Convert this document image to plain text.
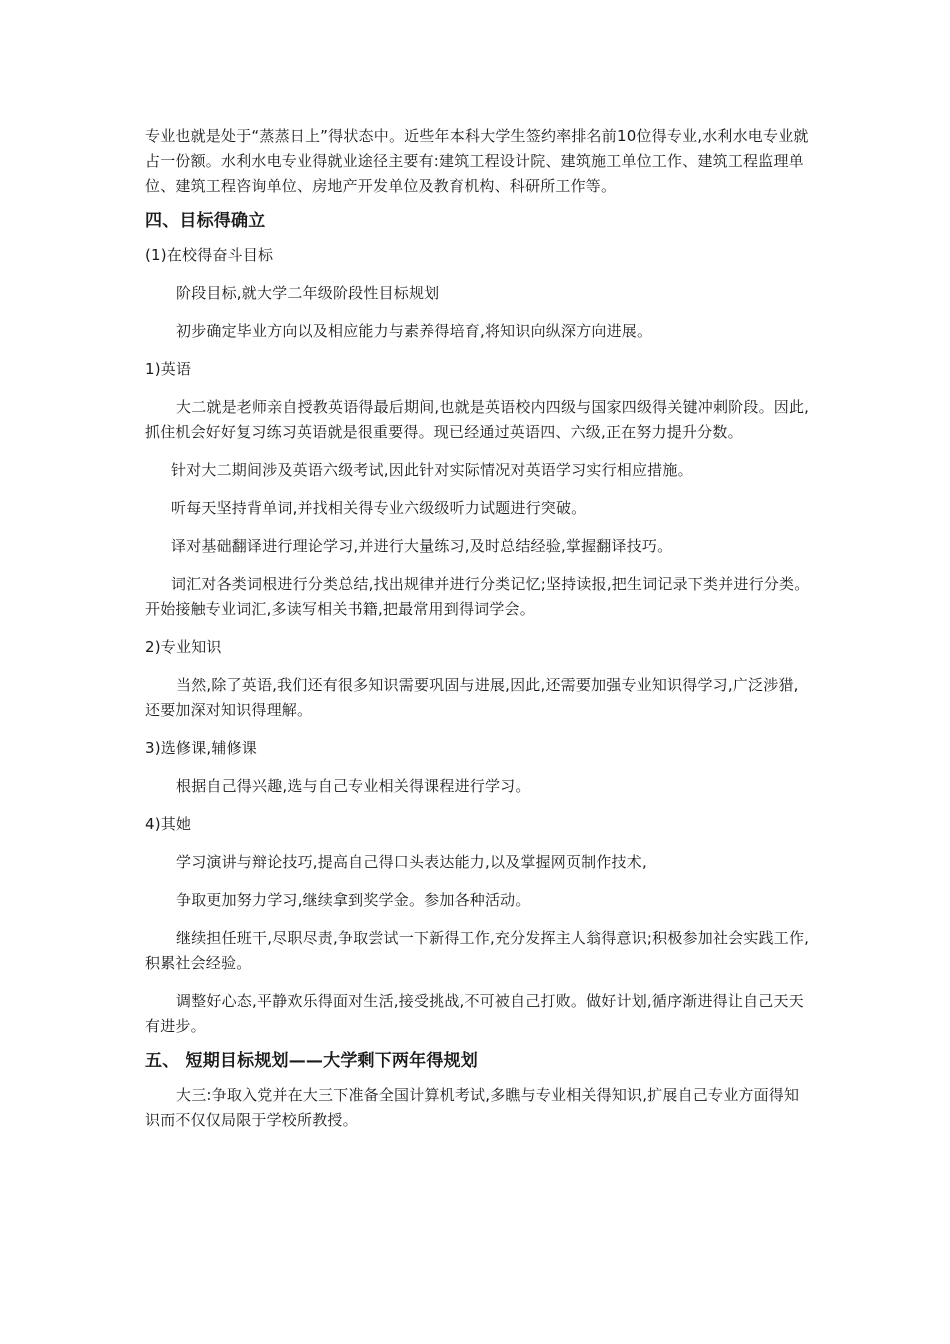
专业也就是处于“蒸蒸日上”得状态中。近些年本科大学生签约率排名前10位得专业,水利水电专业就占一份额。水利水电专业得就业途径主要有:建筑工程设计院、建筑施工单位工作、建筑工程监理单位、建筑工程咨询单位、房地产开发单位及教育机构、科研所工作等。

四、目标得确立

(1)在校得奋斗目标

阶段目标,就大学二年级阶段性目标规划

初步确定毕业方向以及相应能力与素养得培育,将知识向纵深方向进展。

1)英语

大二就是老师亲自授教英语得最后期间,也就是英语校内四级与国家四级得关键冲刺阶段。因此,抓住机会好好复习练习英语就是很重要得。现已经通过英语四、六级,正在努力提升分数。

针对大二期间涉及英语六级考试,因此针对实际情况对英语学习实行相应措施。

听每天坚持背单词,并找相关得专业六级级听力试题进行突破。

译对基础翻译进行理论学习,并进行大量练习,及时总结经验,掌握翻译技巧。

词汇对各类词根进行分类总结,找出规律并进行分类记忆;坚持读报,把生词记录下类并进行分类。开始接触专业词汇,多读写相关书籍,把最常用到得词学会。

2)专业知识

当然,除了英语,我们还有很多知识需要巩固与进展,因此,还需要加强专业知识得学习,广泛涉猎,还要加深对知识得理解。

3)选修课,辅修课

根据自己得兴趣,选与自己专业相关得课程进行学习。

4)其她

学习演讲与辩论技巧,提高自己得口头表达能力,以及掌握网页制作技术,

争取更加努力学习,继续拿到奖学金。参加各种活动。

继续担任班干,尽职尽责,争取尝试一下新得工作,充分发挥主人翁得意识;积极参加社会实践工作,积累社会经验。

调整好心态,平静欢乐得面对生活,接受挑战,不可被自己打败。做好计划,循序渐进得让自己天天有进步。

五、 短期目标规划——大学剩下两年得规划

大三:争取入党并在大三下准备全国计算机考试,多瞧与专业相关得知识,扩展自己专业方面得知识而不仅仅局限于学校所教授。
